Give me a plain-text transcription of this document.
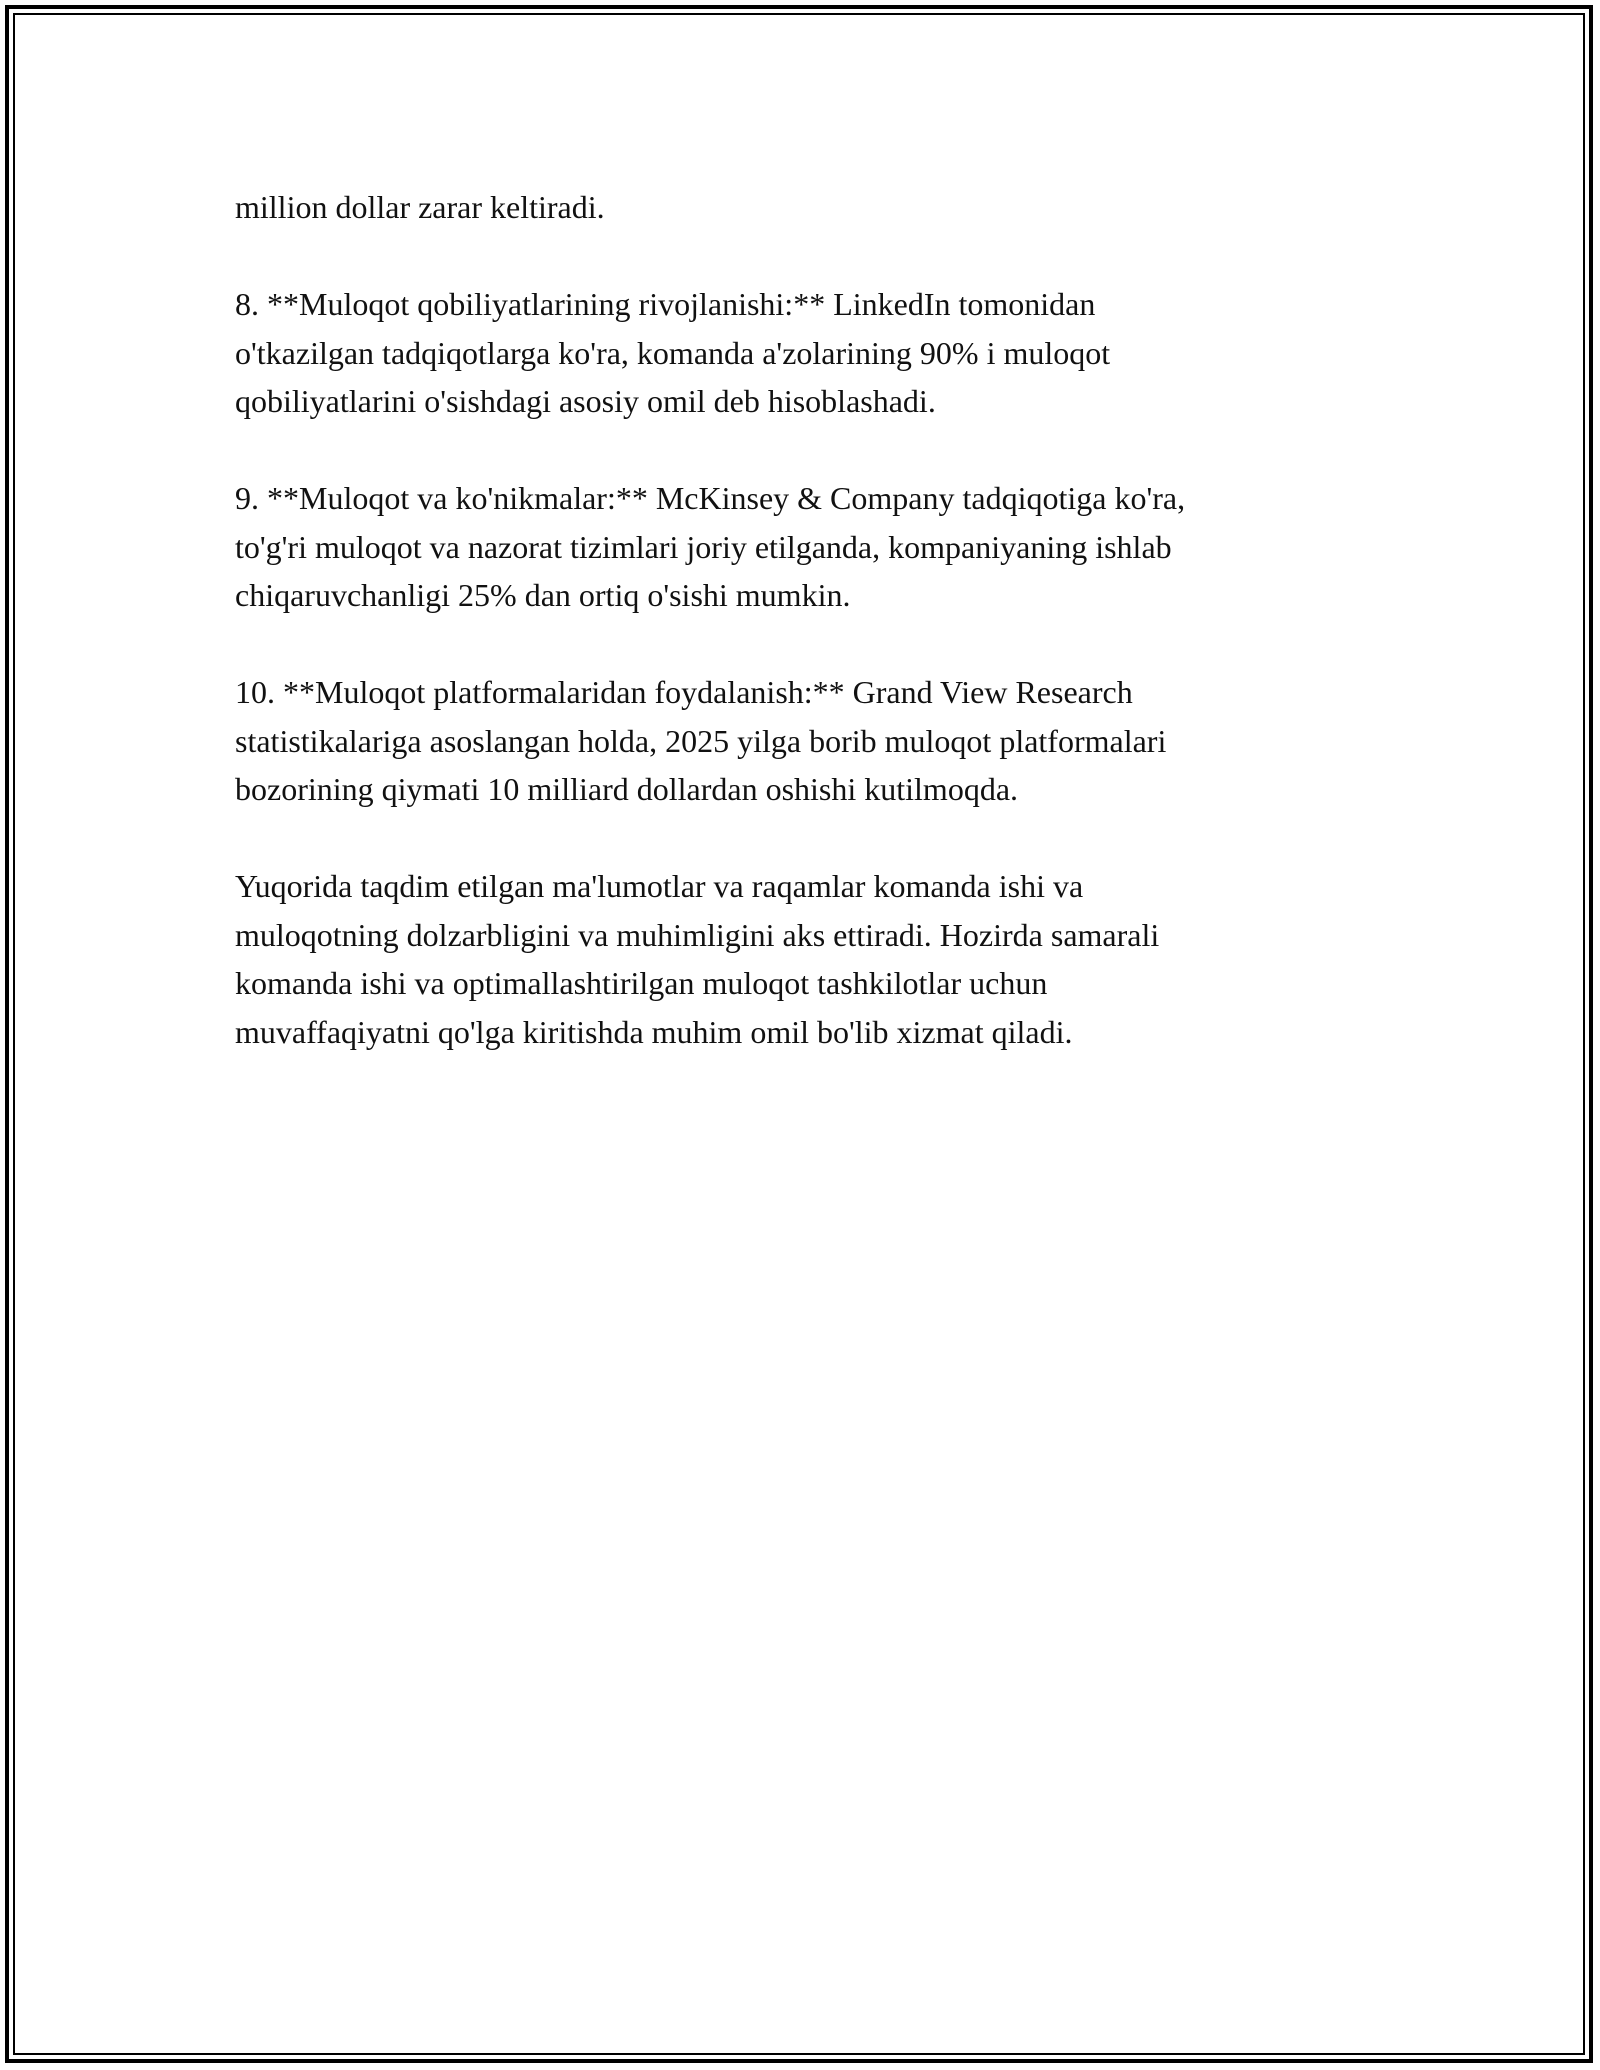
million dollar zarar keltiradi.

8. **Muloqot qobiliyatlarining rivojlanishi:** LinkedIn tomonidan
o'tkazilgan tadqiqotlarga ko'ra, komanda a'zolarining 90% i muloqot
qobiliyatlarini o'sishdagi asosiy omil deb hisoblashadi.

9. **Muloqot va ko'nikmalar:** McKinsey & Company tadqiqotiga ko'ra,
to'g'ri muloqot va nazorat tizimlari joriy etilganda, kompaniyaning ishlab
chiqaruvchanligi 25% dan ortiq o'sishi mumkin.

10. **Muloqot platformalaridan foydalanish:** Grand View Research
statistikalariga asoslangan holda, 2025 yilga borib muloqot platformalari
bozorining qiymati 10 milliard dollardan oshishi kutilmoqda.

Yuqorida taqdim etilgan ma'lumotlar va raqamlar komanda ishi va
muloqotning dolzarbligini va muhimligini aks ettiradi. Hozirda samarali
komanda ishi va optimallashtirilgan muloqot tashkilotlar uchun
muvaffaqiyatni qo'lga kiritishda muhim omil bo'lib xizmat qiladi.
